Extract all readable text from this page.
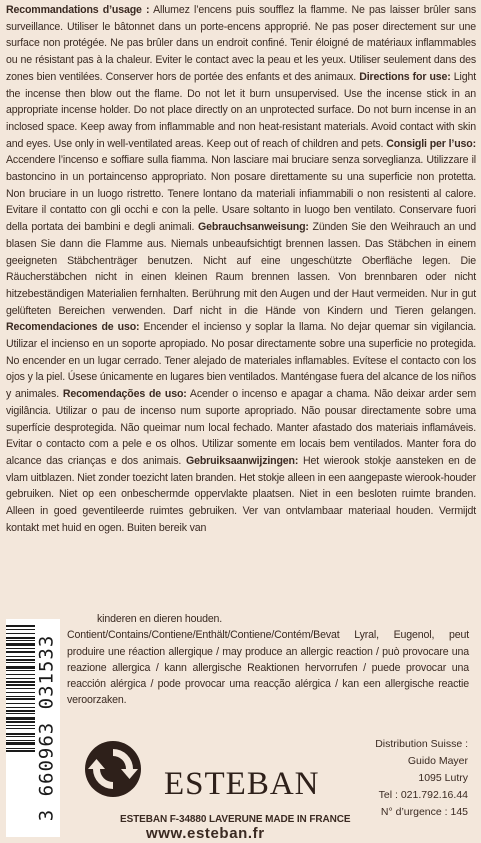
Recommandations d’usage : Allumez l’encens puis soufflez la flamme. Ne pas laisser brûler sans surveillance. Utiliser le bâtonnet dans un porte-encens approprié. Ne pas poser directement sur une surface non protégée. Ne pas brûler dans un endroit confiné. Tenir éloigné de matériaux inflammables ou ne résistant pas à la chaleur. Eviter le contact avec la peau et les yeux. Utiliser seulement dans des zones bien ventilées. Conserver hors de portée des enfants et des animaux. Directions for use: Light the incense then blow out the flame. Do not let it burn unsupervised. Use the incense stick in an appropriate incense holder. Do not place directly on an unprotected surface. Do not burn incense in an inclosed space. Keep away from inflammable and non heat-resistant materials. Avoid contact with skin and eyes. Use only in well-ventilated areas. Keep out of reach of children and pets. Consigli per l’uso: Accendere l’incenso e soffiare sulla fiamma. Non lasciare mai bruciare senza sorveglianza. Utilizzare il bastoncino in un portaincenso appropriato. Non posare direttamente su una superficie non protetta. Non bruciare in un luogo ristretto. Tenere lontano da materiali infiammabili o non resistenti al calore. Evitare il contatto con gli occhi e con la pelle. Usare soltanto in luogo ben ventilato. Conservare fuori della portata dei bambini e degli animali. Gebrauchsanweisung: Zünden Sie den Weihrauch an und blasen Sie dann die Flamme aus. Niemals unbeaufsichtigt brennen lassen. Das Stäbchen in einem geeigneten Stäbchenträger benutzen. Nicht auf eine ungeschützte Oberfläche legen. Die Räucherstäbchen nicht in einen kleinen Raum brennen lassen. Von brennbaren oder nicht hitzebeständigen Materialien fernhalten. Berührung mit den Augen und der Haut vermeiden. Nur in gut gelüfteten Bereichen verwenden. Darf nicht in die Hände von Kindern und Tieren gelangen. Recomendaciones de uso: Encender el incienso y soplar la llama. No dejar quemar sin vigilancia. Utilizar el incienso en un soporte apropiado. No posar directamente sobre una superficie no protegida. No encender en un lugar cerrado. Tener alejado de materiales inflamables. Evítese el contacto con los ojos y la piel. Úsese únicamente en lugares bien ventilados. Manténgase fuera del alcance de los niños y animales. Recomendações de uso: Acender o incenso e apagar a chama. Não deixar arder sem vigilância. Utilizar o pau de incenso num suporte apropriado. Não pousar directamente sobre uma superfície desprotegida. Não queimar num local fechado. Manter afastado dos materiais inflamáveis. Evitar o contacto com a pele e os olhos. Utilizar somente em locais bem ventilados. Manter fora do alcance das crianças e dos animais. Gebruiksaanwijzingen: Het wierook stokje aansteken en de vlam uitblazen. Niet zonder toezicht laten branden. Het stokje alleen in een aangepaste wierook-houder gebruiken. Niet op een onbeschermde oppervlakte plaatsen. Niet in een besloten ruimte branden. Alleen in goed geventileerde ruimtes gebruiken. Ver van ontvlambaar materiaal houden. Vermijdt kontakt met huid en ogen. Buiten bereik van

3 660963 031533

kinderen en dieren houden.
Contient/Contains/Contiene/Enthält/Contiene/Contém/Bevat Lyral, Eugenol, peut produire une réaction allergique / may produce an allergic reaction / può provocare una reazione allergica / kann allergische Reaktionen hervorrufen / puede provocar una reacción alérgica / pode provocar uma reacção alérgica / kan een allergische reactie veroorzaken.

ESTEBAN
Distribution Suisse :
Guido Mayer
1095 Lutry
Tel : 021.792.16.44
N° d’urgence : 145
ESTEBAN F-34880 LAVERUNE MADE IN FRANCE
www.esteban.fr
